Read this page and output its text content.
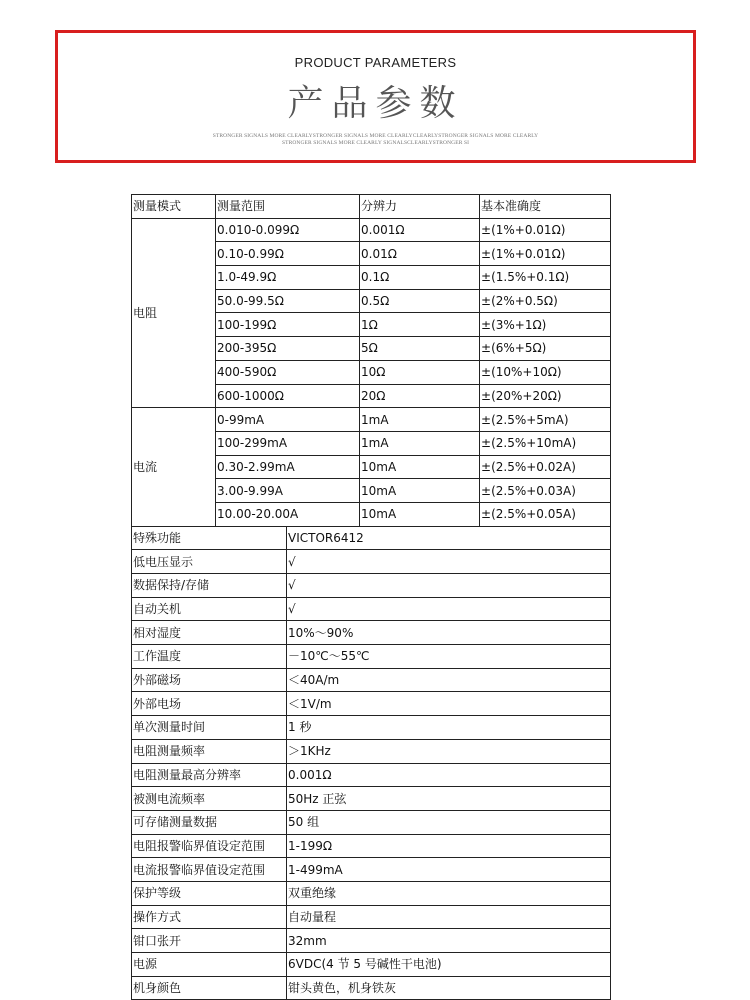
PRODUCT PARAMETERS
产品参数
STRONGER SIGNALS MORE CLEARLYSTRONGER SIGNALS MORE CLEARLYCLEARLYSTRONGER SIGNALS MORE CLEARLY
STRONGER SIGNALS MORE CLEARLY SIGNALSCLEARLYSTRONGER SI
测量模式	测量范围		分辨力	基本准确度
电阻	0.010-0.099Ω		0.001Ω	±(1%+0.01Ω)
	0.10-0.99Ω		0.01Ω	±(1%+0.01Ω)
	1.0-49.9Ω		0.1Ω	±(1.5%+0.1Ω)
	50.0-99.5Ω		0.5Ω	±(2%+0.5Ω)
	100-199Ω		1Ω	±(3%+1Ω)
	200-395Ω		5Ω	±(6%+5Ω)
	400-590Ω		10Ω	±(10%+10Ω)
	600-1000Ω		20Ω	±(20%+20Ω)
电流	0-99mA		1mA	±(2.5%+5mA)
	100-299mA		1mA	±(2.5%+10mA)
	0.30-2.99mA		10mA	±(2.5%+0.02A)
	3.00-9.99A		10mA	±(2.5%+0.03A)
	10.00-20.00A		10mA	±(2.5%+0.05A)
特殊功能		VICTOR6412		
低电压显示		√		
数据保持/存储		√		
自动关机		√		
相对湿度		10%～90%		
工作温度		－10℃～55℃		
外部磁场		＜40A/m		
外部电场		＜1V/m		
单次测量时间		1 秒		
电阻测量频率		＞1KHz		
电阻测量最高分辨率		0.001Ω		
被测电流频率		50Hz 正弦		
可存储测量数据		50 组		
电阻报警临界值设定范围		1-199Ω		
电流报警临界值设定范围		1-499mA		
保护等级		双重绝缘		
操作方式		自动量程		
钳口张开		32mm		
电源		6VDC(4 节 5 号碱性干电池)		
机身颜色		钳头黄色，机身铁灰		
